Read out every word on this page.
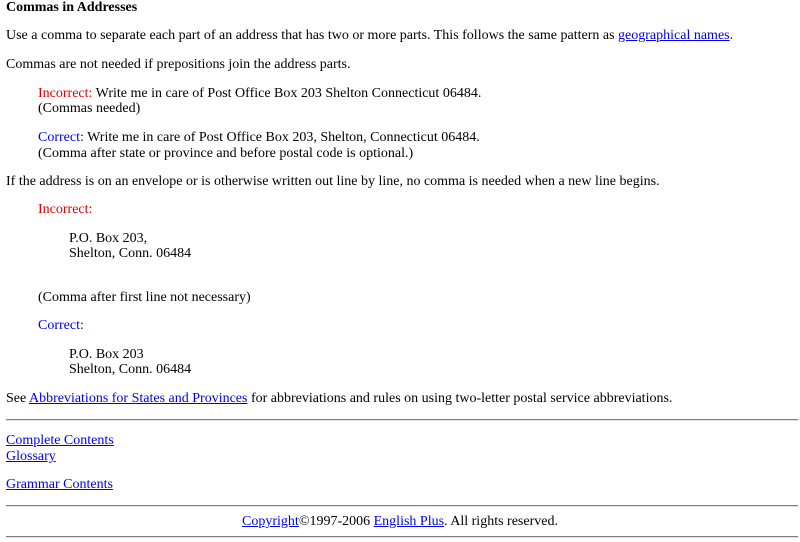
Commas in Addresses
Use a comma to separate each part of an address that has two or more parts. This follows the same pattern as geographical names.
Commas are not needed if prepositions join the address parts.
Incorrect: Write me in care of Post Office Box 203 Shelton Connecticut 06484.
(Commas needed)
Correct: Write me in care of Post Office Box 203, Shelton, Connecticut 06484.
(Comma after state or province and before postal code is optional.)
If the address is on an envelope or is otherwise written out line by line, no comma is needed when a new line begins.
Incorrect:
P.O. Box 203,
Shelton, Conn. 06484
(Comma after first line not necessary)
Correct:
P.O. Box 203
Shelton, Conn. 06484
See Abbreviations for States and Provinces for abbreviations and rules on using two-letter postal service abbreviations.
Complete Contents
Glossary
Grammar Contents
Copyright©1997-2006 English Plus. All rights reserved.
